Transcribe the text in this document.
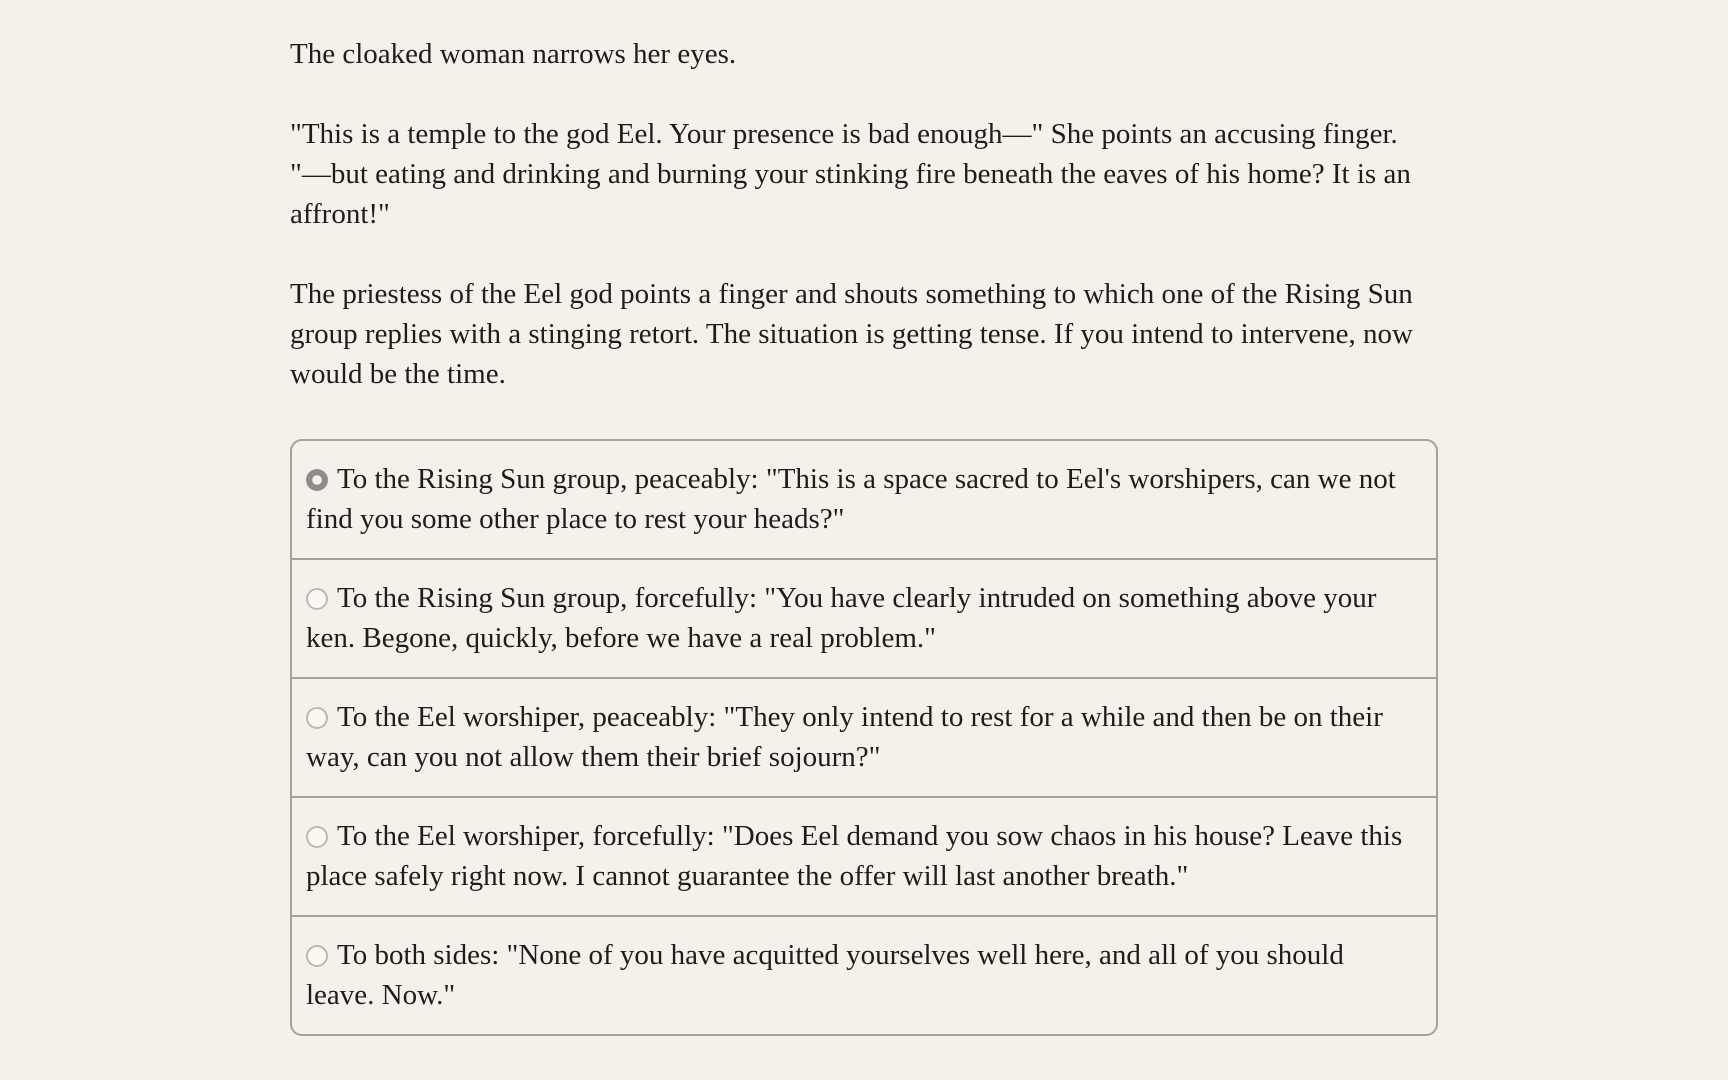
The cloaked woman narrows her eyes.

"This is a temple to the god Eel. Your presence is bad enough—" She points an accusing finger. "—but eating and drinking and burning your stinking fire beneath the eaves of his home? It is an affront!"

The priestess of the Eel god points a finger and shouts something to which one of the Rising Sun group replies with a stinging retort. The situation is getting tense. If you intend to intervene, now would be the time.

To the Rising Sun group, peaceably: "This is a space sacred to Eel's worshipers, can we not find you some other place to rest your heads?"
To the Rising Sun group, forcefully: "You have clearly intruded on something above your ken. Begone, quickly, before we have a real problem."
To the Eel worshiper, peaceably: "They only intend to rest for a while and then be on their way, can you not allow them their brief sojourn?"
To the Eel worshiper, forcefully: "Does Eel demand you sow chaos in his house? Leave this place safely right now. I cannot guarantee the offer will last another breath."
To both sides: "None of you have acquitted yourselves well here, and all of you should leave. Now."
